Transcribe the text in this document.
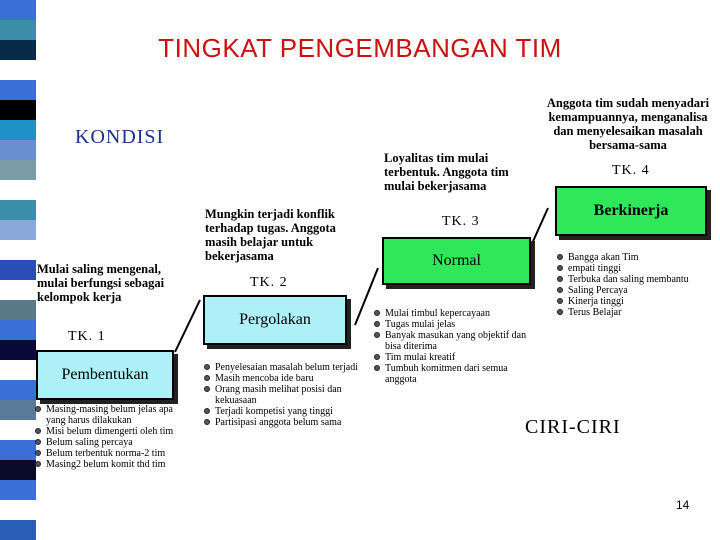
TINGKAT PENGEMBANGAN TIM
KONDISI
CIRI-CIRI
14
Mulai saling mengenal, mulai berfungsi sebagai kelompok kerja
TK. 1
Pembentukan
Masing-masing belum jelas apa yang harus dilakukan
Misi belum dimengerti oleh tim
Belum saling percaya
Belum terbentuk norma-2 tim
Masing2 belum komit thd tim
Mungkin terjadi konflik terhadap tugas. Anggota masih belajar untuk bekerjasama
TK. 2
Pergolakan
Penyelesaian masalah belum terjadi
Masih mencoba ide baru
Orang masih melihat posisi dan kekuasaan
Terjadi kompetisi yang tinggi
Partisipasi anggota belum sama
Loyalitas tim mulai terbentuk. Anggota tim mulai bekerjasama
TK. 3
Normal
Mulai timbul kepercayaan
Tugas mulai jelas
Banyak masukan yang objektif dan bisa diterima
Tim mulai kreatif
Tumbuh komitmen dari semua anggota
Anggota tim sudah menyadari kemampuannya, menganalisa dan menyelesaikan masalah bersama-sama
TK. 4
Berkinerja
Bangga akan Tim
empati tinggi
Terbuka dan saling membantu
Saling Percaya
Kinerja tinggi
Terus Belajar
